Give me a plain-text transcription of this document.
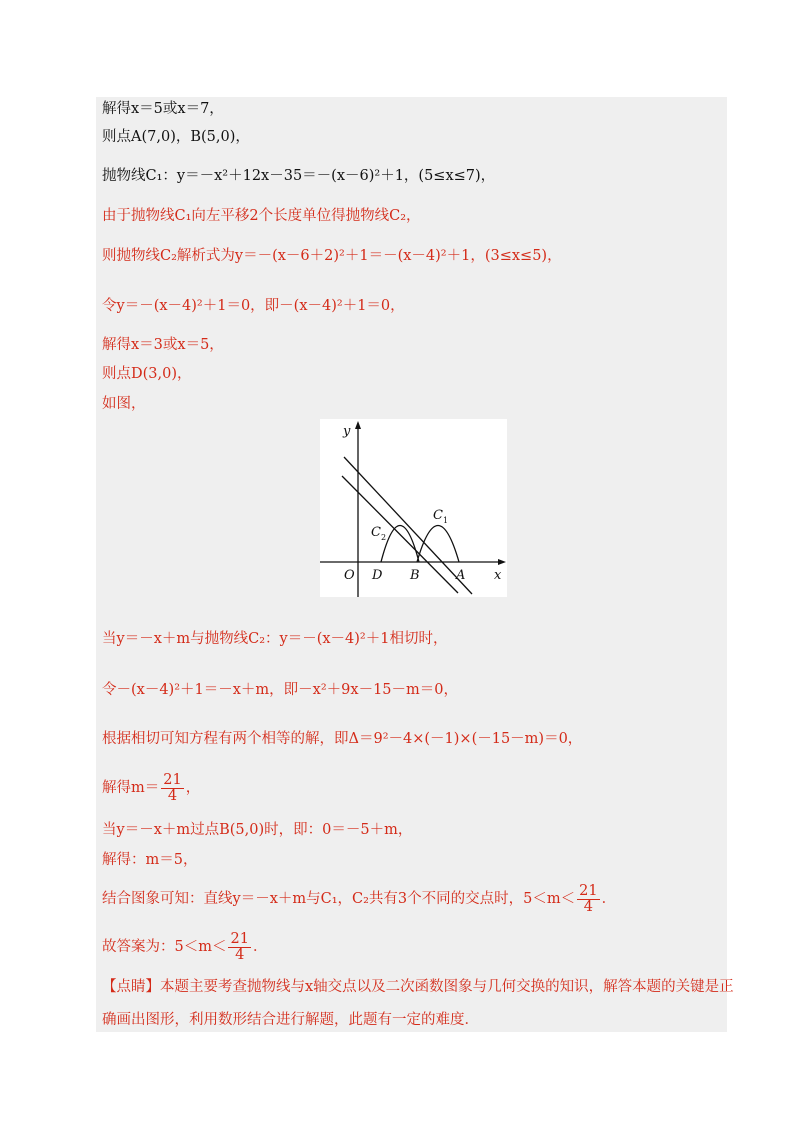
解得x＝5或x＝7，
则点A(7,0)，B(5,0)，
抛物线C₁：y＝－x²＋12x－35＝－(x－6)²＋1，(5≤x≤7)，
由于抛物线C₁向左平移2个长度单位得抛物线C₂，
则抛物线C₂解析式为y＝－(x－6＋2)²＋1＝－(x－4)²＋1，(3≤x≤5)，
令y＝－(x－4)²＋1＝0，即－(x－4)²＋1＝0，
解得x＝3或x＝5，
则点D(3,0)，
如图，
y
x
O D B	A
C 1
C 2
当y＝－x＋m与抛物线C₂：y＝－(x－4)²＋1相切时，
令－(x－4)²＋1＝－x＋m，即－x²＋9x－15－m＝0，
根据相切可知方程有两个相等的解，即Δ＝9²－4×(－1)×(－15－m)＝0，
解得$m= \frac{21}{4}$ ，
当y＝－x＋m过点B(5,0)时，即：0＝－5＋m，
解得：m＝5，
结合图象可知：直线y＝－x＋m与C₁，C₂共有3个不同的交点时，$5<m< \frac{21}{4}$ ．
故答案为：$5<m< \frac{21}{4}$ ．
【点睛】本题主要考查抛物线与x轴交点以及二次函数图象与几何交换的知识，解答本题的关键是正
确画出图形，利用数形结合进行解题，此题有一定的难度．
